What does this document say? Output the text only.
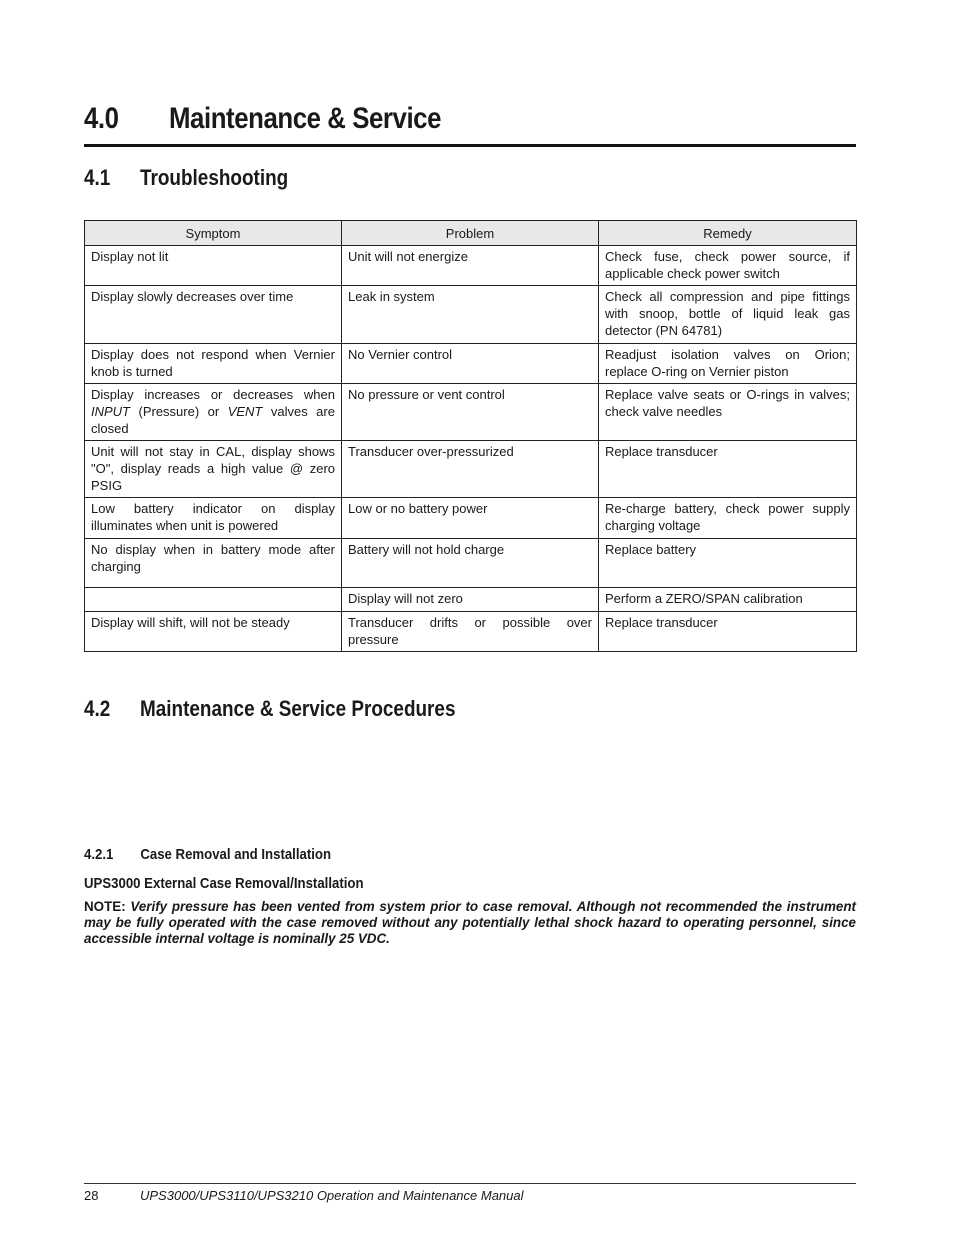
4.0 Maintenance & Service
4.1 Troubleshooting
Symptom	Problem	Remedy
Display not lit	Unit will not energize	Check fuse, check power source, if applicable check power switch
Display slowly decreases over time	Leak in system	Check all compression and pipe fittings with snoop, bottle of liquid leak gas detector (PN 64781)
Display does not respond when Vernier knob is turned	No Vernier control	Readjust isolation valves on Orion; replace O-ring on Vernier piston
Display increases or decreases when INPUT (Pressure) or VENT valves are closed	No pressure or vent control	Replace valve seats or O-rings in valves; check valve needles
Unit will not stay in CAL, display shows "O", display reads a high value @ zero PSIG	Transducer over-pressurized	Replace transducer
Low battery indicator on display illuminates when unit is powered	Low or no battery power	Re-charge battery, check power supply charging voltage
No display when in battery mode after charging	Battery will not hold charge	Replace battery
	Display will not zero	Perform a ZERO/SPAN calibration
Display will shift, will not be steady	Transducer drifts or possible over pressure	Replace transducer
4.2 Maintenance & Service Procedures
4.2.1 Case Removal and Installation
UPS3000 External Case Removal/Installation
NOTE: Verify pressure has been vented from system prior to case removal. Although not recommended the instrument may be fully operated with the case removed without any potentially lethal shock hazard to operating personnel, since accessible internal voltage is nominally 25 VDC.
28	UPS3000/UPS3110/UPS3210 Operation and Maintenance Manual
